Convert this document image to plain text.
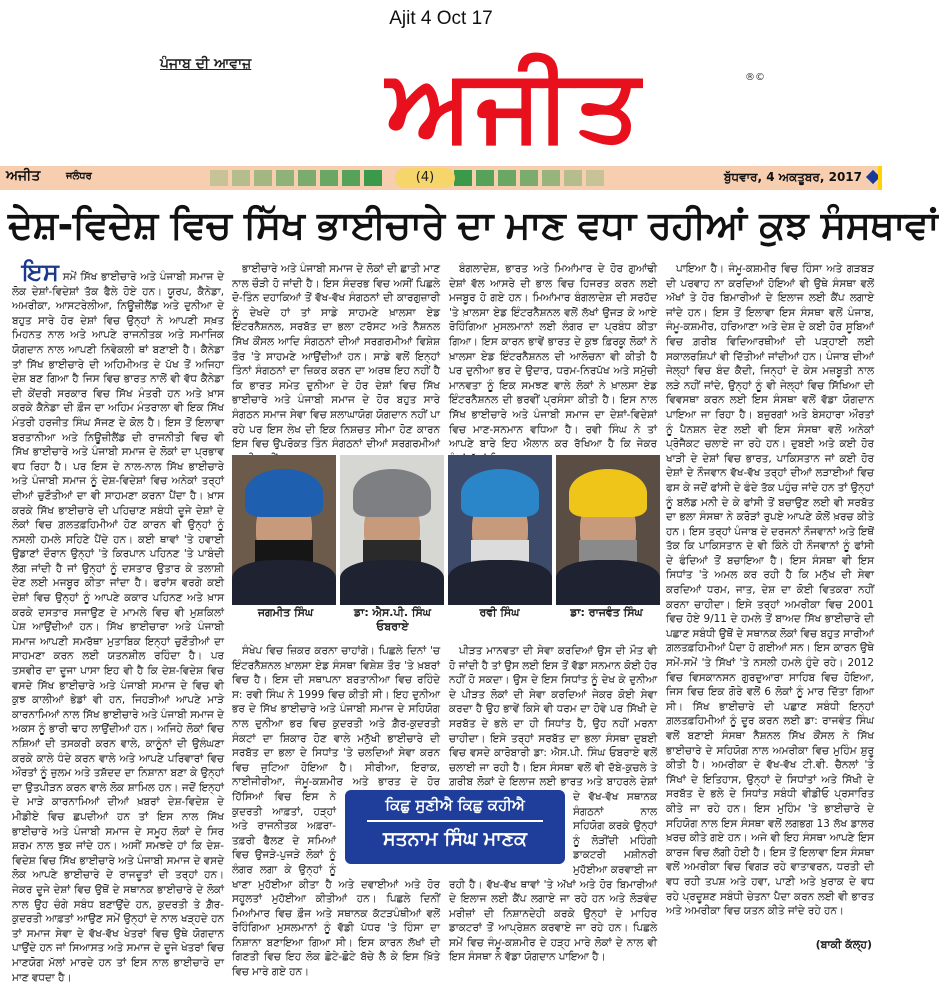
Ajit 4 Oct 17
ਅਜੀਤ
ਪੰਜਾਬ ਦੀ ਆਵਾਜ਼
®©
ਅਜੀਤ	ਜਲੰਧਰ	(4)	ਬੁੱਧਵਾਰ, 4 ਅਕਤੂਬਰ, 2017
ਦੇਸ਼-ਵਿਦੇਸ਼ ਵਿਚ ਸਿੱਖ ਭਾਈਚਾਰੇ ਦਾ ਮਾਣ ਵਧਾ ਰਹੀਆਂ ਕੁਝ ਸੰਸਥਾਵਾਂ

ਇਸ ਸਮੇਂ ਸਿੱਖ ਭਾਈਚਾਰੇ ਅਤੇ ਪੰਜਾਬੀ ਸਮਾਜ ਦੇ ਲੋਕ ਦੇਸ਼ਾਂ-ਵਿਦੇਸ਼ਾਂ ਤੱਕ ਫੈਲੇ ਹੋਏ ਹਨ। ਯੂਰਪ, ਕੈਨੇਡਾ, ਅਮਰੀਕਾ, ਆਸਟਰੇਲੀਆ, ਨਿਊਜ਼ੀਲੈਂਡ ਅਤੇ ਦੁਨੀਆ ਦੇ ਬਹੁਤ ਸਾਰੇ ਹੋਰ ਦੇਸ਼ਾਂ ਵਿਚ ਉਨ੍ਹਾਂ ਨੇ ਆਪਣੀ ਸਖ਼ਤ ਮਿਹਨਤ ਨਾਲ ਅਤੇ ਆਪਣੇ ਰਾਜਨੀਤਕ ਅਤੇ ਸਮਾਜਿਕ ਯੋਗਦਾਨ ਨਾਲ ਆਪਣੀ ਨਿਵੇਕਲੀ ਥਾਂ ਬਣਾਈ ਹੈ। ਕੈਨੇਡਾ ਤਾਂ ਸਿੱਖ ਭਾਈਚਾਰੇ ਦੀ ਅਹਿਮੀਅਤ ਦੇ ਪੱਖ ਤੋਂ ਅਜਿਹਾ ਦੇਸ਼ ਬਣ ਗਿਆ ਹੈ ਜਿਸ ਵਿਚ ਭਾਰਤ ਨਾਲੋਂ ਵੀ ਵੱਧ ਕੈਨੇਡਾ ਦੀ ਕੇਂਦਰੀ ਸਰਕਾਰ ਵਿਚ ਸਿੱਖ ਮੰਤਰੀ ਹਨ ਅਤੇ ਖ਼ਾਸ ਕਰਕੇ ਕੈਨੇਡਾ ਦੀ ਫ਼ੌਜ ਦਾ ਅਹਿਮ ਮੰਤਰਾਲਾ ਵੀ ਇਕ ਸਿੱਖ ਮੰਤਰੀ ਹਰਜੀਤ ਸਿੰਘ ਸੱਜਣ ਦੇ ਕੋਲ ਹੈ। ਇਸ ਤੋਂ ਇਲਾਵਾ ਬਰਤਾਨੀਆ ਅਤੇ ਨਿਊਜ਼ੀਲੈਂਡ ਦੀ ਰਾਜਨੀਤੀ ਵਿਚ ਵੀ ਸਿੱਖ ਭਾਈਚਾਰੇ ਅਤੇ ਪੰਜਾਬੀ ਸਮਾਜ ਦੇ ਲੋਕਾਂ ਦਾ ਪ੍ਰਭਾਵ ਵਧ ਰਿਹਾ ਹੈ। ਪਰ ਇਸ ਦੇ ਨਾਲ-ਨਾਲ ਸਿੱਖ ਭਾਈਚਾਰੇ ਅਤੇ ਪੰਜਾਬੀ ਸਮਾਜ ਨੂੰ ਦੇਸ਼-ਵਿਦੇਸ਼ਾਂ ਵਿਚ ਅਨੇਕਾਂ ਤਰ੍ਹਾਂ ਦੀਆਂ ਚੁਣੌਤੀਆਂ ਦਾ ਵੀ ਸਾਹਮਣਾ ਕਰਨਾ ਪੈਂਦਾ ਹੈ। ਖ਼ਾਸ ਕਰਕੇ ਸਿੱਖ ਭਾਈਚਾਰੇ ਦੀ ਪਹਿਚਾਣ ਸਬੰਧੀ ਦੂਜੇ ਦੇਸ਼ਾਂ ਦੇ ਲੋਕਾਂ ਵਿਚ ਗ਼ਲਤਫ਼ਹਿਮੀਆਂ ਹੋਣ ਕਾਰਨ ਵੀ ਉਨ੍ਹਾਂ ਨੂੰ ਨਸਲੀ ਹਮਲੇ ਸਹਿਣੇ ਪੈਂਦੇ ਹਨ। ਕਈ ਥਾਵਾਂ 'ਤੇ ਹਵਾਈ ਉਡਾਣਾਂ ਦੌਰਾਨ ਉਨ੍ਹਾਂ 'ਤੇ ਕਿਰਪਾਨ ਪਹਿਨਣ 'ਤੇ ਪਾਬੰਦੀ ਲੱਗ ਜਾਂਦੀ ਹੈ ਜਾਂ ਉਨ੍ਹਾਂ ਨੂੰ ਦਸਤਾਰ ਉਤਾਰ ਕੇ ਤਲਾਸ਼ੀ ਦੇਣ ਲਈ ਮਜਬੂਰ ਕੀਤਾ ਜਾਂਦਾ ਹੈ। ਫਰਾਂਸ ਵਰਗੇ ਕਈ ਦੇਸ਼ਾਂ ਵਿਚ ਉਨ੍ਹਾਂ ਨੂੰ ਆਪਣੇ ਕਕਾਰ ਪਹਿਨਣ ਅਤੇ ਖ਼ਾਸ ਕਰਕੇ ਦਸਤਾਰ ਸਜਾਉਣ ਦੇ ਮਾਮਲੇ ਵਿਚ ਵੀ ਮੁਸ਼ਕਿਲਾਂ ਪੇਸ਼ ਆਉਂਦੀਆਂ ਹਨ। ਸਿੱਖ ਭਾਈਚਾਰਾ ਅਤੇ ਪੰਜਾਬੀ ਸਮਾਜ ਆਪਣੀ ਸਮਰੱਥਾ ਮੁਤਾਬਿਕ ਇਨ੍ਹਾਂ ਚੁਣੌਤੀਆਂ ਦਾ ਸਾਹਮਣਾ ਕਰਨ ਲਈ ਯਤਨਸ਼ੀਲ ਰਹਿੰਦਾ ਹੈ। ਪਰ ਤਸਵੀਰ ਦਾ ਦੂਜਾ ਪਾਸਾ ਇਹ ਵੀ ਹੈ ਕਿ ਦੇਸ਼-ਵਿਦੇਸ਼ ਵਿਚ ਵਸਦੇ ਸਿੱਖ ਭਾਈਚਾਰੇ ਅਤੇ ਪੰਜਾਬੀ ਸਮਾਜ ਦੇ ਵਿਚ ਵੀ ਕੁਝ ਕਾਲੀਆਂ ਭੇਡਾਂ ਵੀ ਹਨ, ਜਿਹੜੀਆਂ ਆਪਣੇ ਮਾੜੇ ਕਾਰਨਾਮਿਆਂ ਨਾਲ ਸਿੱਖ ਭਾਈਚਾਰੇ ਅਤੇ ਪੰਜਾਬੀ ਸਮਾਜ ਦੇ ਅਕਸ ਨੂੰ ਭਾਰੀ ਢਾਹ ਲਾਉਂਦੀਆਂ ਹਨ। ਅਜਿਹੇ ਲੋਕਾਂ ਵਿਚ ਨਸ਼ਿਆਂ ਦੀ ਤਸਕਰੀ ਕਰਨ ਵਾਲੇ, ਕਾਨੂੰਨਾਂ ਦੀ ਉਲੰਘਣਾ ਕਰਕੇ ਕਾਲੇ ਧੰਦੇ ਕਰਨ ਵਾਲੇ ਅਤੇ ਆਪਣੇ ਪਰਿਵਾਰਾਂ ਵਿਚ ਔਰਤਾਂ ਨੂੰ ਜ਼ੁਲਮ ਅਤੇ ਤਸ਼ੱਦਦ ਦਾ ਨਿਸ਼ਾਨਾ ਬਣਾ ਕੇ ਉਨ੍ਹਾਂ ਦਾ ਉਤਪੀੜਨ ਕਰਨ ਵਾਲੇ ਲੋਕ ਸ਼ਾਮਿਲ ਹਨ। ਜਦੋਂ ਇਨ੍ਹਾਂ ਦੇ ਮਾੜੇ ਕਾਰਨਾਮਿਆਂ ਦੀਆਂ ਖ਼ਬਰਾਂ ਦੇਸ਼-ਵਿਦੇਸ਼ ਦੇ ਮੀਡੀਏ ਵਿਚ ਛਪਦੀਆਂ ਹਨ ਤਾਂ ਇਸ ਨਾਲ ਸਿੱਖ ਭਾਈਚਾਰੇ ਅਤੇ ਪੰਜਾਬੀ ਸਮਾਜ ਦੇ ਸਮੂਹ ਲੋਕਾਂ ਦੇ ਸਿਰ ਸ਼ਰਮ ਨਾਲ ਝੁਕ ਜਾਂਦੇ ਹਨ। ਅਸੀਂ ਸਮਝਦੇ ਹਾਂ ਕਿ ਦੇਸ਼-ਵਿਦੇਸ਼ ਵਿਚ ਸਿੱਖ ਭਾਈਚਾਰੇ ਅਤੇ ਪੰਜਾਬੀ ਸਮਾਜ ਦੇ ਵਸਦੇ ਲੋਕ ਆਪਣੇ ਭਾਈਚਾਰੇ ਦੇ ਰਾਜਦੂਤਾਂ ਦੀ ਤਰ੍ਹਾਂ ਹਨ। ਜੇਕਰ ਦੂਜੇ ਦੇਸ਼ਾਂ ਵਿਚ ਉਥੋਂ ਦੇ ਸਥਾਨਕ ਭਾਈਚਾਰੇ ਦੇ ਲੋਕਾਂ ਨਾਲ ਉਹ ਚੰਗੇ ਸਬੰਧ ਬਣਾਉਂਦੇ ਹਨ, ਕੁਦਰਤੀ ਤੇ ਗ਼ੈਰ-ਕੁਦਰਤੀ ਆਫ਼ਤਾਂ ਆਉਣ ਸਮੇਂ ਉਨ੍ਹਾਂ ਦੇ ਨਾਲ ਖੜ੍ਹਦੇ ਹਨ ਤਾਂ ਸਮਾਜ ਸੇਵਾ ਦੇ ਵੱਖ-ਵੱਖ ਖੇਤਰਾਂ ਵਿਚ ਉਥੇ ਯੋਗਦਾਨ ਪਾਉਂਦੇ ਹਨ ਜਾਂ ਸਿਆਸਤ ਅਤੇ ਸਮਾਜ ਦੇ ਦੂਜੇ ਖੇਤਰਾਂ ਵਿਚ ਮਾਣਯੋਗ ਮੱਲਾਂ ਮਾਰਦੇ ਹਨ ਤਾਂ ਇਸ ਨਾਲ ਭਾਈਚਾਰੇ ਦਾ ਮਾਣ ਵਧਦਾ ਹੈ।

ਭਾਈਚਾਰੇ ਅਤੇ ਪੰਜਾਬੀ ਸਮਾਜ ਦੇ ਲੋਕਾਂ ਦੀ ਛਾਤੀ ਮਾਣ ਨਾਲ ਚੌੜੀ ਹੋ ਜਾਂਦੀ ਹੈ। ਇਸ ਸੰਦਰਭ ਵਿਚ ਅਸੀਂ ਪਿਛਲੇ ਦੋ-ਤਿੰਨ ਦਹਾਕਿਆਂ ਤੋਂ ਵੱਖ-ਵੱਖ ਸੰਗਠਨਾਂ ਦੀ ਕਾਰਗੁਜ਼ਾਰੀ ਨੂੰ ਦੇਖਦੇ ਹਾਂ ਤਾਂ ਸਾਡੇ ਸਾਹਮਣੇ ਖ਼ਾਲਸਾ ਏਡ ਇੰਟਰਨੈਸ਼ਨਲ, ਸਰਬੱਤ ਦਾ ਭਲਾ ਟਰੱਸਟ ਅਤੇ ਨੈਸ਼ਨਲ ਸਿੱਖ ਕੌਂਸਲ ਆਦਿ ਸੰਗਠਨਾਂ ਦੀਆਂ ਸਰਗਰਮੀਆਂ ਵਿਸ਼ੇਸ਼ ਤੌਰ 'ਤੇ ਸਾਹਮਣੇ ਆਉਂਦੀਆਂ ਹਨ। ਸਾਡੇ ਵਲੋਂ ਇਨ੍ਹਾਂ ਤਿੰਨਾਂ ਸੰਗਠਨਾਂ ਦਾ ਜ਼ਿਕਰ ਕਰਨ ਦਾ ਅਰਥ ਇਹ ਨਹੀਂ ਹੈ ਕਿ ਭਾਰਤ ਸਮੇਤ ਦੁਨੀਆ ਦੇ ਹੋਰ ਦੇਸ਼ਾਂ ਵਿਚ ਸਿੱਖ ਭਾਈਚਾਰੇ ਅਤੇ ਪੰਜਾਬੀ ਸਮਾਜ ਦੇ ਹੋਰ ਬਹੁਤ ਸਾਰੇ ਸੰਗਠਨ ਸਮਾਜ ਸੇਵਾ ਵਿਚ ਸ਼ਲਾਘਾਯੋਗ ਯੋਗਦਾਨ ਨਹੀਂ ਪਾ ਰਹੇ ਪਰ ਇਸ ਲੇਖ ਦੀ ਇਕ ਨਿਸ਼ਚਤ ਸੀਮਾ ਹੋਣ ਕਾਰਨ ਇਸ ਵਿਚ ਉਪਰੋਕਤ ਤਿੰਨ ਸੰਗਠਨਾਂ ਦੀਆਂ ਸਰਗਰਮੀਆਂ

ਬੰਗਲਾਦੇਸ਼, ਭਾਰਤ ਅਤੇ ਮਿਆਂਮਾਰ ਦੇ ਹੋਰ ਗੁਆਂਢੀ ਦੇਸ਼ਾਂ ਵੱਲ ਆਸਰੇ ਦੀ ਭਾਲ ਵਿਚ ਹਿਜਰਤ ਕਰਨ ਲਈ ਮਜਬੂਰ ਹੋ ਗਏ ਹਨ। ਮਿਆਂਮਾਰ ਬੰਗਲਾਦੇਸ਼ ਦੀ ਸਰਹੱਦ 'ਤੇ ਖ਼ਾਲਸਾ ਏਡ ਇੰਟਰਨੈਸ਼ਨਲ ਵਲੋਂ ਲੱਖਾਂ ਉਜੜ ਕੇ ਆਏ ਰੋਹਿੰਗਿਆ ਮੁਸਲਮਾਨਾਂ ਲਈ ਲੰਗਰ ਦਾ ਪ੍ਰਬੰਧ ਕੀਤਾ ਗਿਆ। ਇਸ ਕਾਰਨ ਭਾਵੇਂ ਭਾਰਤ ਦੇ ਕੁਝ ਫ਼ਿਰਕੂ ਲੋਕਾਂ ਨੇ ਖ਼ਾਲਸਾ ਏਡ ਇੰਟਰਨੈਸ਼ਨਲ ਦੀ ਆਲੋਚਨਾ ਵੀ ਕੀਤੀ ਹੈ ਪਰ ਦੁਨੀਆ ਭਰ ਦੇ ਉਦਾਰ, ਧਰਮ-ਨਿਰਪੱਖ ਅਤੇ ਸਮੁੱਚੀ ਮਾਨਵਤਾ ਨੂੰ ਇਕ ਸਮਝਣ ਵਾਲੇ ਲੋਕਾਂ ਨੇ ਖ਼ਾਲਸਾ ਏਡ ਇੰਟਰਨੈਸ਼ਨਲ ਦੀ ਭਰਵੀਂ ਪ੍ਰਸੰਸਾ ਕੀਤੀ ਹੈ। ਇਸ ਨਾਲ ਸਿੱਖ ਭਾਈਚਾਰੇ ਅਤੇ ਪੰਜਾਬੀ ਸਮਾਜ ਦਾ ਦੇਸ਼ਾਂ-ਵਿਦੇਸ਼ਾਂ ਵਿਚ ਮਾਣ-ਸਨਮਾਨ ਵਧਿਆ ਹੈ। ਰਵੀ ਸਿੰਘ ਨੇ ਤਾਂ ਆਪਣੇ ਬਾਰੇ ਇਹ ਐਲਾਨ ਕਰ ਰੱਖਿਆ ਹੈ ਕਿ ਜੇਕਰ

ਜਗਮੀਤ ਸਿੰਘ	ਡਾ: ਐਸ.ਪੀ. ਸਿੰਘ ਓਬਰਾਏ
ਰਵੀ ਸਿੰਘ	ਡਾ: ਰਾਜਵੰਤ ਸਿੰਘ

ਸੰਖੇਪ ਵਿਚ ਜ਼ਿਕਰ ਕਰਨਾ ਚਾਹਾਂਗੇ। ਪਿਛਲੇ ਦਿਨਾਂ 'ਚ ਇੰਟਰਨੈਸ਼ਨਲ ਖ਼ਾਲਸਾ ਏਡ ਸੰਸਥਾ ਵਿਸ਼ੇਸ਼ ਤੌਰ 'ਤੇ ਖ਼ਬਰਾਂ ਵਿਚ ਹੈ। ਇਸ ਦੀ ਸਥਾਪਨਾ ਬਰਤਾਨੀਆ ਵਿਚ ਰਹਿੰਦੇ ਸ: ਰਵੀ ਸਿੰਘ ਨੇ 1999 ਵਿਚ ਕੀਤੀ ਸੀ। ਇਹ ਦੁਨੀਆ ਭਰ ਦੇ ਸਿੱਖ ਭਾਈਚਾਰੇ ਅਤੇ ਪੰਜਾਬੀ ਸਮਾਜ ਦੇ ਸਹਿਯੋਗ ਨਾਲ ਦੁਨੀਆ ਭਰ ਵਿਚ ਕੁਦਰਤੀ ਅਤੇ ਗ਼ੈਰ-ਕੁਦਰਤੀ ਸੰਕਟਾਂ ਦਾ ਸ਼ਿਕਾਰ ਹੋਣ ਵਾਲੇ ਮਨੁੱਖੀ ਭਾਈਚਾਰੇ ਦੀ ਸਰਬੱਤ ਦਾ ਭਲਾ ਦੇ ਸਿਧਾਂਤ 'ਤੇ ਚਲਦਿਆਂ ਸੇਵਾ ਕਰਨ ਵਿਚ ਜੁਟਿਆ ਹੋਇਆ ਹੈ। ਸੀਰੀਆ, ਇਰਾਕ, ਨਾਈਜੀਰੀਆ, ਜੰਮੂ-ਕਸ਼ਮੀਰ ਅਤੇ ਭਾਰਤ ਦੇ ਹੋਰ ਹਿੱਸਿਆਂ ਵਿਚ ਇਸ ਨੇ ਕੁਦਰਤੀ ਆਫ਼ਤਾਂ, ਹੜ੍ਹਾਂ ਅਤੇ ਰਾਜਨੀਤਕ ਅਫ਼ਰਾ-ਤਫ਼ਰੀ ਫੈਲਣ ਦੇ ਸਮਿਆਂ ਵਿਚ ਉਜੜੇ-ਪੁਜੜੇ ਲੋਕਾਂ ਨੂੰ ਲੰਗਰ ਲਗਾ ਕੇ ਉਨ੍ਹਾਂ ਨੂੰ ਖਾਣਾ ਮੁਹੱਈਆ ਕੀਤਾ ਹੈ ਅਤੇ ਦਵਾਈਆਂ ਅਤੇ ਹੋਰ ਸਹੂਲਤਾਂ ਮੁਹੱਈਆ ਕੀਤੀਆਂ ਹਨ। ਪਿਛਲੇ ਦਿਨੀਂ ਮਿਆਂਮਾਰ ਵਿਚ ਫ਼ੌਜ ਅਤੇ ਸਥਾਨਕ ਕੱਟੜਪੰਥੀਆਂ ਵਲੋਂ ਰੋਹਿੰਗਿਆ ਮੁਸਲਮਾਨਾਂ ਨੂੰ ਵੱਡੀ ਪੱਧਰ 'ਤੇ ਹਿੰਸਾ ਦਾ ਨਿਸ਼ਾਨਾ ਬਣਾਇਆ ਗਿਆ ਸੀ। ਇਸ ਕਾਰਨ ਲੱਖਾਂ ਦੀ ਗਿਣਤੀ ਵਿਚ ਇਹ ਲੋਕ ਛੋਟੇ-ਛੋਟੇ ਬੱਚੇ ਲੈ ਕੇ ਇਸ ਖ਼ਿੱਤੇ ਵਿਚ ਮਾਰੇ ਗਏ ਹਨ।

ਪੀੜਤ ਮਾਨਵਤਾ ਦੀ ਸੇਵਾ ਕਰਦਿਆਂ ਉਸ ਦੀ ਮੌਤ ਵੀ ਹੋ ਜਾਂਦੀ ਹੈ ਤਾਂ ਉਸ ਲਈ ਇਸ ਤੋਂ ਵੱਡਾ ਸਨਮਾਨ ਕੋਈ ਹੋਰ ਨਹੀਂ ਹੋ ਸਕਦਾ। ਉਸ ਦੇ ਇਸ ਸਿਧਾਂਤ ਨੂੰ ਦੇਖ ਕੇ ਦੁਨੀਆ ਦੇ ਪੀੜਤ ਲੋਕਾਂ ਦੀ ਸੇਵਾ ਕਰਦਿਆਂ ਜੇਕਰ ਕੋਈ ਸੇਵਾ ਕਰਦਾ ਹੈ ਉਹ ਭਾਵੇਂ ਕਿਸੇ ਵੀ ਧਰਮ ਦਾ ਹੋਵੇ ਪਰ ਸਿੱਖੀ ਦੇ ਸਰਬੱਤ ਦੇ ਭਲੇ ਦਾ ਹੀ ਸਿਧਾਂਤ ਹੈ, ਉਹ ਨਹੀਂ ਮਰਨਾ ਚਾਹੀਦਾ। ਇਸੇ ਤਰ੍ਹਾਂ ਸਰਬੱਤ ਦਾ ਭਲਾ ਸੰਸਥਾ ਦੁਬਈ ਵਿਚ ਵਸਦੇ ਕਾਰੋਬਾਰੀ ਡਾ: ਐਸ.ਪੀ. ਸਿੰਘ ਓਬਰਾਏ ਵਲੋਂ ਚਲਾਈ ਜਾ ਰਹੀ ਹੈ। ਇਸ ਸੰਸਥਾ ਵਲੋਂ ਵੀ ਦੱਬੇ-ਕੁਚਲੇ ਤੇ ਗ਼ਰੀਬ ਲੋਕਾਂ ਦੇ ਇਲਾਜ ਲਈ ਭਾਰਤ ਅਤੇ ਬਾਹਰਲੇ ਦੇਸ਼ਾਂ ਦੇ ਵੱਖ-ਵੱਖ ਸਥਾਨਕ ਸੰਗਠਨਾਂ ਨਾਲ ਸਹਿਯੋਗ ਕਰਕੇ ਉਨ੍ਹਾਂ ਨੂੰ ਲੋੜੀਂਦੀ ਮਹਿੰਗੀ ਡਾਕਟਰੀ ਮਸ਼ੀਨਰੀ ਮੁਹੱਈਆ ਕਰਵਾਈ ਜਾ ਰਹੀ ਹੈ। ਵੱਖ-ਵੱਖ ਥਾਵਾਂ 'ਤੇ ਅੱਖਾਂ ਅਤੇ ਹੋਰ ਬਿਮਾਰੀਆਂ ਦੇ ਇਲਾਜ ਲਈ ਕੈਂਪ ਲਗਾਏ ਜਾ ਰਹੇ ਹਨ ਅਤੇ ਲੋੜਵੰਦ ਮਰੀਜ਼ਾਂ ਦੀ ਨਿਸ਼ਾਨਦੇਹੀ ਕਰਕੇ ਉਨ੍ਹਾਂ ਦੇ ਮਾਹਿਰ ਡਾਕਟਰਾਂ ਤੋਂ ਆਪ੍ਰੇਸ਼ਨ ਕਰਵਾਏ ਜਾ ਰਹੇ ਹਨ। ਪਿਛਲੇ ਸਮੇਂ ਵਿਚ ਜੰਮੂ-ਕਸ਼ਮੀਰ ਦੇ ਹੜ੍ਹ ਮਾਰੇ ਲੋਕਾਂ ਦੇ ਨਾਲ ਵੀ ਇਸ ਸੰਸਥਾ ਨੇ ਵੱਡਾ ਯੋਗਦਾਨ ਪਾਇਆ ਹੈ।

ਕਿਛੁ ਸੁਣੀਐ ਕਿਛੁ ਕਹੀਐ
ਸਤਨਾਮ ਸਿੰਘ ਮਾਣਕ

ਪਾਇਆ ਹੈ। ਜੰਮੂ-ਕਸ਼ਮੀਰ ਵਿਚ ਹਿੰਸਾ ਅਤੇ ਗੜਬੜ ਦੀ ਪਰਵਾਹ ਨਾ ਕਰਦਿਆਂ ਹੋਇਆਂ ਵੀ ਉਥੇ ਸੰਸਥਾ ਵਲੋਂ ਅੱਖਾਂ ਤੇ ਹੋਰ ਬਿਮਾਰੀਆਂ ਦੇ ਇਲਾਜ ਲਈ ਕੈਂਪ ਲਗਾਏ ਜਾਂਦੇ ਹਨ। ਇਸ ਤੋਂ ਇਲਾਵਾ ਇਸ ਸੰਸਥਾ ਵਲੋਂ ਪੰਜਾਬ, ਜੰਮੂ-ਕਸ਼ਮੀਰ, ਹਰਿਆਣਾ ਅਤੇ ਦੇਸ਼ ਦੇ ਕਈ ਹੋਰ ਸੂਬਿਆਂ ਵਿਚ ਗ਼ਰੀਬ ਵਿਦਿਆਰਥੀਆਂ ਦੀ ਪੜ੍ਹਾਈ ਲਈ ਸਕਾਲਰਸ਼ਿਪਾਂ ਵੀ ਦਿੱਤੀਆਂ ਜਾਂਦੀਆਂ ਹਨ। ਪੰਜਾਬ ਦੀਆਂ ਜੇਲ੍ਹਾਂ ਵਿਚ ਬੰਦ ਕੈਦੀ, ਜਿਨ੍ਹਾਂ ਦੇ ਕੇਸ ਮਜ਼ਬੂਤੀ ਨਾਲ ਲੜੇ ਨਹੀਂ ਜਾਂਦੇ, ਉਨ੍ਹਾਂ ਨੂੰ ਵੀ ਜੇਲ੍ਹਾਂ ਵਿਚ ਸਿੱਖਿਆ ਦੀ ਵਿਵਸਥਾ ਕਰਨ ਲਈ ਇਸ ਸੰਸਥਾ ਵਲੋਂ ਵੱਡਾ ਯੋਗਦਾਨ ਪਾਇਆ ਜਾ ਰਿਹਾ ਹੈ। ਬਜ਼ੁਰਗਾਂ ਅਤੇ ਬੇਸਹਾਰਾ ਔਰਤਾਂ ਨੂੰ ਪੈਨਸ਼ਨ ਦੇਣ ਲਈ ਵੀ ਇਸ ਸੰਸਥਾ ਵਲੋਂ ਅਨੇਕਾਂ ਪ੍ਰੋਜੈਕਟ ਚਲਾਏ ਜਾ ਰਹੇ ਹਨ। ਦੁਬਈ ਅਤੇ ਕਈ ਹੋਰ ਖਾੜੀ ਦੇ ਦੇਸ਼ਾਂ ਵਿਚ ਭਾਰਤ, ਪਾਕਿਸਤਾਨ ਜਾਂ ਕਈ ਹੋਰ ਦੇਸ਼ਾਂ ਦੇ ਨੌਜਵਾਨ ਵੱਖ-ਵੱਖ ਤਰ੍ਹਾਂ ਦੀਆਂ ਲੜਾਈਆਂ ਵਿਚ ਫਸ ਕੇ ਜਦੋਂ ਫਾਂਸੀ ਦੇ ਫੰਦੇ ਤੱਕ ਪਹੁੰਚ ਜਾਂਦੇ ਹਨ ਤਾਂ ਉਨ੍ਹਾਂ ਨੂੰ ਬਲੱਡ ਮਨੀ ਦੇ ਕੇ ਫਾਂਸੀ ਤੋਂ ਬਚਾਉਣ ਲਈ ਵੀ ਸਰਬੱਤ ਦਾ ਭਲਾ ਸੰਸਥਾ ਨੇ ਕਰੋੜਾਂ ਰੁਪਏ ਆਪਣੇ ਕੋਲੋਂ ਖ਼ਰਚ ਕੀਤੇ ਹਨ। ਇਸ ਤਰ੍ਹਾਂ ਪੰਜਾਬ ਦੇ ਦਰਜਨਾਂ ਨੌਜਵਾਨਾਂ ਅਤੇ ਇਥੋਂ ਤੱਕ ਕਿ ਪਾਕਿਸਤਾਨ ਦੇ ਵੀ ਕਿੰਨੇ ਹੀ ਨੌਜਵਾਨਾਂ ਨੂੰ ਫਾਂਸੀ ਦੇ ਫੰਦਿਆਂ ਤੋਂ ਬਚਾਇਆ ਹੈ। ਇਸ ਸੰਸਥਾ ਵੀ ਇਸ ਸਿਧਾਂਤ 'ਤੇ ਅਮਲ ਕਰ ਰਹੀ ਹੈ ਕਿ ਮਨੁੱਖ ਦੀ ਸੇਵਾ ਕਰਦਿਆਂ ਧਰਮ, ਜਾਤ, ਦੇਸ਼ ਦਾ ਕੋਈ ਵਿਤਕਰਾ ਨਹੀਂ ਕਰਨਾ ਚਾਹੀਦਾ। ਇਸੇ ਤਰ੍ਹਾਂ ਅਮਰੀਕਾ ਵਿਚ 2001 ਵਿਚ ਹੋਏ 9/11 ਦੇ ਹਮਲੇ ਤੋਂ ਬਾਅਦ ਸਿੱਖ ਭਾਈਚਾਰੇ ਦੀ ਪਛਾਣ ਸਬੰਧੀ ਉਥੋਂ ਦੇ ਸਥਾਨਕ ਲੋਕਾਂ ਵਿਚ ਬਹੁਤ ਸਾਰੀਆਂ ਗ਼ਲਤਫ਼ਹਿਮੀਆਂ ਪੈਦਾ ਹੋ ਗਈਆਂ ਸਨ। ਇਸ ਕਾਰਨ ਉਥੇ ਸਮੇਂ-ਸਮੇਂ 'ਤੇ ਸਿੱਖਾਂ 'ਤੇ ਨਸਲੀ ਹਮਲੇ ਹੁੰਦੇ ਰਹੇ। 2012 ਵਿਚ ਵਿਸਕਾਨਸਨ ਗੁਰਦੁਆਰਾ ਸਾਹਿਬ ਵਿਚ ਹੋਇਆ, ਜਿਸ ਵਿਚ ਇਕ ਗੋਰੇ ਵਲੋਂ 6 ਲੋਕਾਂ ਨੂੰ ਮਾਰ ਦਿੱਤਾ ਗਿਆ ਸੀ। ਸਿੱਖ ਭਾਈਚਾਰੇ ਦੀ ਪਛਾਣ ਸਬੰਧੀ ਇਨ੍ਹਾਂ ਗ਼ਲਤਫ਼ਹਿਮੀਆਂ ਨੂੰ ਦੂਰ ਕਰਨ ਲਈ ਡਾ: ਰਾਜਵੰਤ ਸਿੰਘ ਵਲੋਂ ਬਣਾਈ ਸੰਸਥਾ ਨੈਸ਼ਨਲ ਸਿੱਖ ਕੌਂਸਲ ਨੇ ਸਿੱਖ ਭਾਈਚਾਰੇ ਦੇ ਸਹਿਯੋਗ ਨਾਲ ਅਮਰੀਕਾ ਵਿਚ ਮੁਹਿੰਮ ਸ਼ੁਰੂ ਕੀਤੀ ਹੈ। ਅਮਰੀਕਾ ਦੇ ਵੱਖ-ਵੱਖ ਟੀ.ਵੀ. ਚੈਨਲਾਂ 'ਤੇ ਸਿੱਖਾਂ ਦੇ ਇਤਿਹਾਸ, ਉਨ੍ਹਾਂ ਦੇ ਸਿਧਾਂਤਾਂ ਅਤੇ ਸਿੱਖੀ ਦੇ ਸਰਬੱਤ ਦੇ ਭਲੇ ਦੇ ਸਿਧਾਂਤ ਸਬੰਧੀ ਵੀਡੀਓ ਪ੍ਰਸਾਰਿਤ ਕੀਤੇ ਜਾ ਰਹੇ ਹਨ। ਇਸ ਮੁਹਿੰਮ 'ਤੇ ਭਾਈਚਾਰੇ ਦੇ ਸਹਿਯੋਗ ਨਾਲ ਇਸ ਸੰਸਥਾ ਵਲੋਂ ਲਗਭਗ 13 ਲੱਖ ਡਾਲਰ ਖ਼ਰਚ ਕੀਤੇ ਗਏ ਹਨ। ਅਜੇ ਵੀ ਇਹ ਸੰਸਥਾ ਆਪਣੇ ਇਸ ਕਾਰਜ ਵਿਚ ਲੱਗੀ ਹੋਈ ਹੈ। ਇਸ ਤੋਂ ਇਲਾਵਾ ਇਸ ਸੰਸਥਾ ਵਲੋਂ ਅਮਰੀਕਾ ਵਿਚ ਵਿਗੜ ਰਹੇ ਵਾਤਾਵਰਨ, ਧਰਤੀ ਦੀ ਵਧ ਰਹੀ ਤਪਸ਼ ਅਤੇ ਹਵਾ, ਪਾਣੀ ਅਤੇ ਖ਼ੁਰਾਕ ਦੇ ਵਧ ਰਹੇ ਪ੍ਰਦੂਸ਼ਣ ਸਬੰਧੀ ਚੇਤਨਾ ਪੈਦਾ ਕਰਨ ਲਈ ਵੀ ਭਾਰਤ ਅਤੇ ਅਮਰੀਕਾ ਵਿਚ ਯਤਨ ਕੀਤੇ ਜਾਂਦੇ ਰਹੇ ਹਨ।

(ਬਾਕੀ ਕੱਲ੍ਹ)
